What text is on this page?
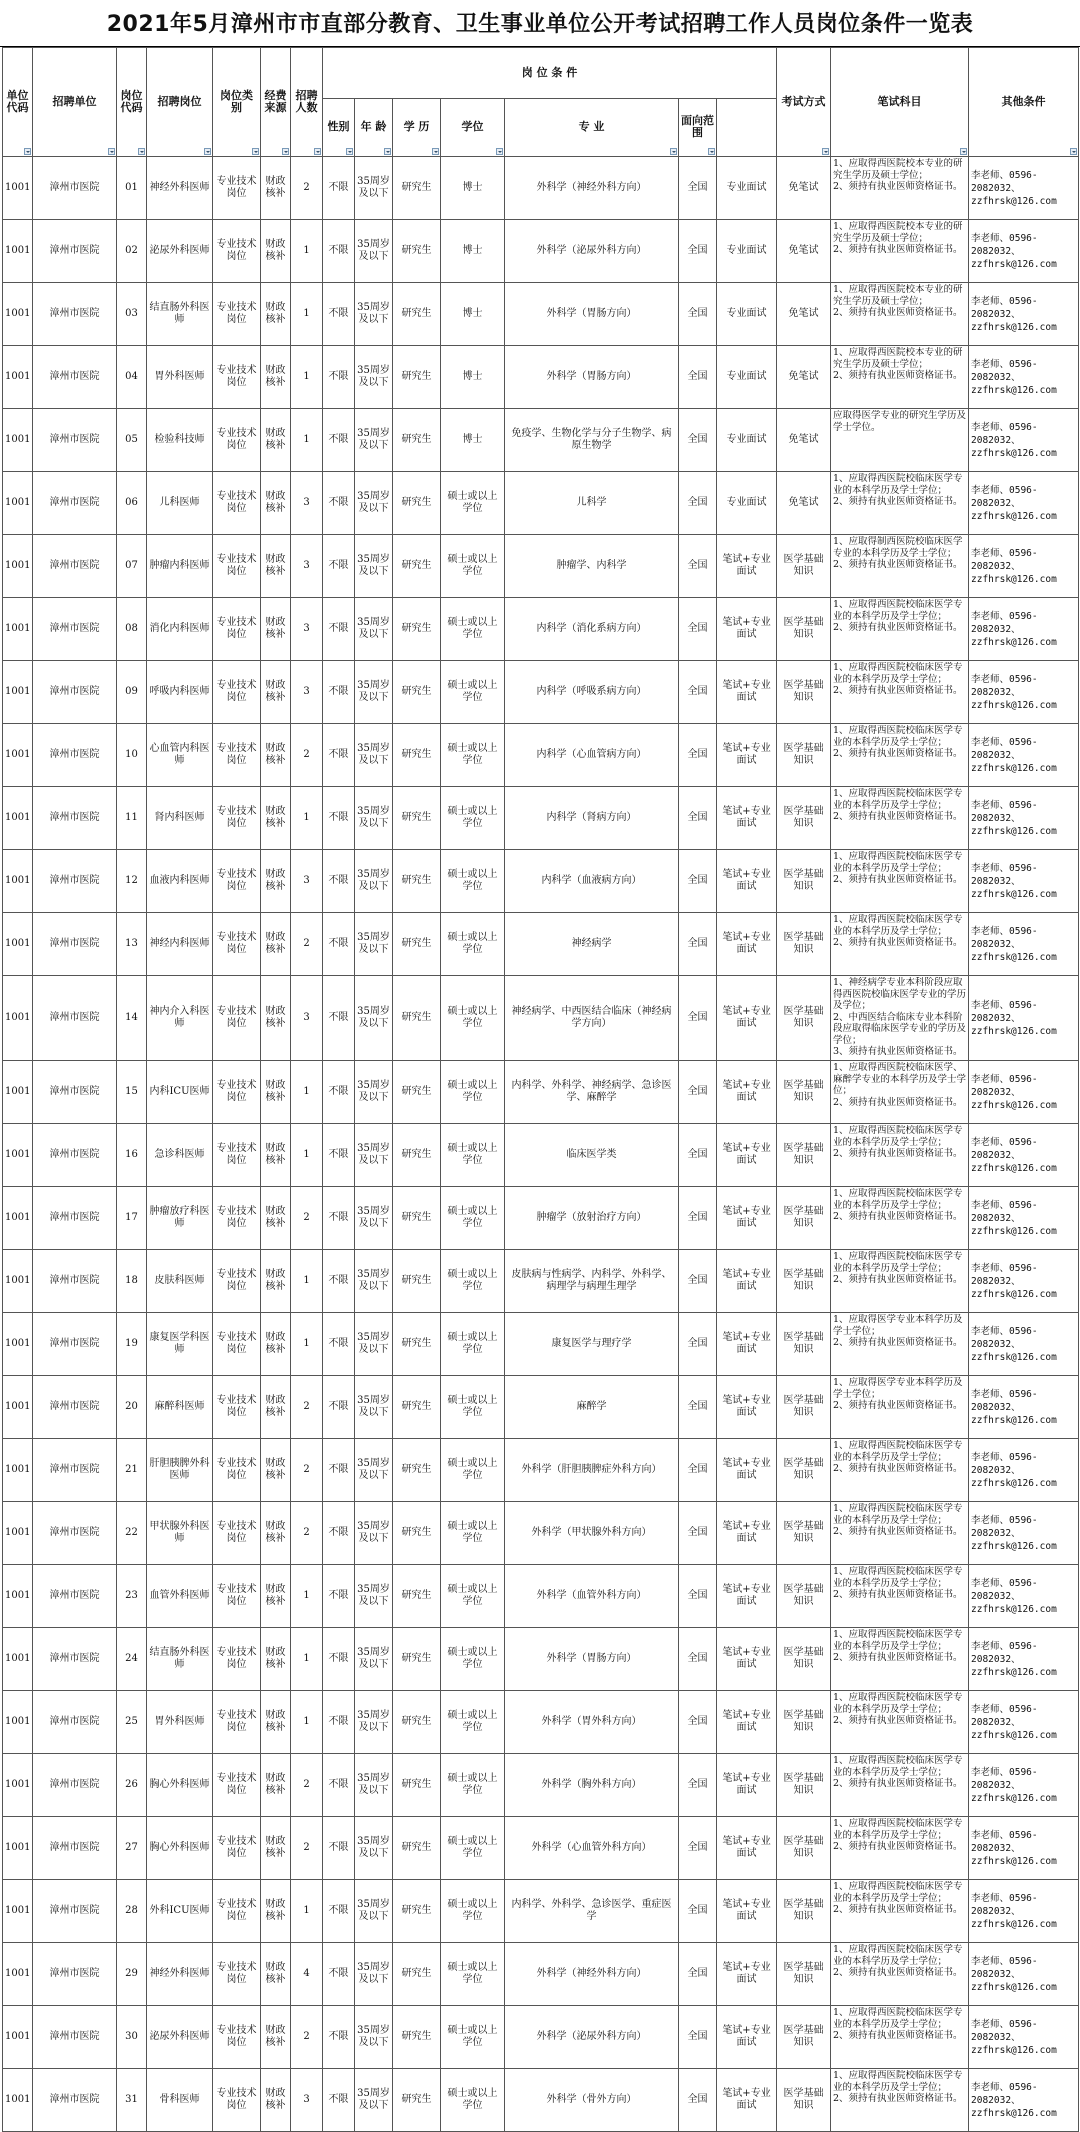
2021年5月漳州市市直部分教育、卫生事业单位公开考试招聘工作人员岗位条件一览表
单位代码	招聘单位	岗位代码	招聘岗位	岗位类别	经费来源	招聘人数	岗 位 条 件							考试方式	笔试科目	其他条件

							性别	年 龄	学 历	学位	专 业	面向范围				

1001	漳州市医院	01	神经外科医师	专业技术岗位	财政核补	2	不限	35周岁及以下	研究生	博士	外科学（神经外科方向）	全国	专业面试	免笔试	1、应取得西医院校本专业的研究生学历及硕士学位；
2、须持有执业医师资格证书。	李老师、0596-2082032、zzfhrsk@126.com	
1001	漳州市医院	02	泌尿外科医师	专业技术岗位	财政核补	1	不限	35周岁及以下	研究生	博士	外科学（泌尿外科方向）	全国	专业面试	免笔试	1、应取得西医院校本专业的研究生学历及硕士学位；
2、须持有执业医师资格证书。	李老师、0596-2082032、zzfhrsk@126.com	
1001	漳州市医院	03	结直肠外科医师	专业技术岗位	财政核补	1	不限	35周岁及以下	研究生	博士	外科学（胃肠方向）	全国	专业面试	免笔试	1、应取得西医院校本专业的研究生学历及硕士学位；
2、须持有执业医师资格证书。	李老师、0596-2082032、zzfhrsk@126.com	
1001	漳州市医院	04	胃外科医师	专业技术岗位	财政核补	1	不限	35周岁及以下	研究生	博士	外科学（胃肠方向）	全国	专业面试	免笔试	1、应取得西医院校本专业的研究生学历及硕士学位；
2、须持有执业医师资格证书。	李老师、0596-2082032、zzfhrsk@126.com	
1001	漳州市医院	05	检验科技师	专业技术岗位	财政核补	1	不限	35周岁及以下	研究生	博士	免疫学、生物化学与分子生物学、病原生物学	全国	专业面试	免笔试	应取得医学专业的研究生学历及学士学位。	李老师、0596-2082032、zzfhrsk@126.com	
1001	漳州市医院	06	儿科医师	专业技术岗位	财政核补	3	不限	35周岁及以下	研究生	硕士或以上学位	儿科学	全国	专业面试	免笔试	1、应取得西医院校临床医学专业的本科学历及学士学位；
2、须持有执业医师资格证书。	李老师、0596-2082032、zzfhrsk@126.com	
1001	漳州市医院	07	肿瘤内科医师	专业技术岗位	财政核补	3	不限	35周岁及以下	研究生	硕士或以上学位	肿瘤学、内科学	全国	笔试+专业面试	医学基础知识	1、应取得制西医院校临床医学专业的本科学历及学士学位；
2、须持有执业医师资格证书。	李老师、0596-2082032、zzfhrsk@126.com	
1001	漳州市医院	08	消化内科医师	专业技术岗位	财政核补	3	不限	35周岁及以下	研究生	硕士或以上学位	内科学（消化系病方向）	全国	笔试+专业面试	医学基础知识	1、应取得西医院校临床医学专业的本科学历及学士学位；
2、须持有执业医师资格证书。	李老师、0596-2082032、zzfhrsk@126.com	
1001	漳州市医院	09	呼吸内科医师	专业技术岗位	财政核补	3	不限	35周岁及以下	研究生	硕士或以上学位	内科学（呼吸系病方向）	全国	笔试+专业面试	医学基础知识	1、应取得西医院校临床医学专业的本科学历及学士学位；
2、须持有执业医师资格证书。	李老师、0596-2082032、zzfhrsk@126.com	
1001	漳州市医院	10	心血管内科医师	专业技术岗位	财政核补	2	不限	35周岁及以下	研究生	硕士或以上学位	内科学（心血管病方向）	全国	笔试+专业面试	医学基础知识	1、应取得西医院校临床医学专业的本科学历及学士学位；
2、须持有执业医师资格证书。	李老师、0596-2082032、zzfhrsk@126.com	
1001	漳州市医院	11	肾内科医师	专业技术岗位	财政核补	1	不限	35周岁及以下	研究生	硕士或以上学位	内科学（肾病方向）	全国	笔试+专业面试	医学基础知识	1、应取得西医院校临床医学专业的本科学历及学士学位；
2、须持有执业医师资格证书。	李老师、0596-2082032、zzfhrsk@126.com	
1001	漳州市医院	12	血液内科医师	专业技术岗位	财政核补	3	不限	35周岁及以下	研究生	硕士或以上学位	内科学（血液病方向）	全国	笔试+专业面试	医学基础知识	1、应取得西医院校临床医学专业的本科学历及学士学位；
2、须持有执业医师资格证书。	李老师、0596-2082032、zzfhrsk@126.com	
1001	漳州市医院	13	神经内科医师	专业技术岗位	财政核补	2	不限	35周岁及以下	研究生	硕士或以上学位	神经病学	全国	笔试+专业面试	医学基础知识	1、应取得西医院校临床医学专业的本科学历及学士学位；
2、须持有执业医师资格证书。	李老师、0596-2082032、zzfhrsk@126.com	
1001	漳州市医院	14	神内介入科医师	专业技术岗位	财政核补	3	不限	35周岁及以下	研究生	硕士或以上学位	神经病学、中西医结合临床（神经病学方向）	全国	笔试+专业面试	医学基础知识	1、神经病学专业本科阶段应取得西医院校临床医学专业的学历及学位；
2、中西医结合临床专业本科阶段应取得临床医学专业的学历及学位；
3、须持有执业医师资格证书。	李老师、0596-2082032、zzfhrsk@126.com	
1001	漳州市医院	15	内科ICU医师	专业技术岗位	财政核补	1	不限	35周岁及以下	研究生	硕士或以上学位	内科学、外科学、神经病学、急诊医学、麻醉学	全国	笔试+专业面试	医学基础知识	1、应取得西医院校临床医学、麻醉学专业的本科学历及学士学位；
2、须持有执业医师资格证书。	李老师、0596-2082032、zzfhrsk@126.com	
1001	漳州市医院	16	急诊科医师	专业技术岗位	财政核补	1	不限	35周岁及以下	研究生	硕士或以上学位	临床医学类	全国	笔试+专业面试	医学基础知识	1、应取得西医院校临床医学专业的本科学历及学士学位；
2、须持有执业医师资格证书。	李老师、0596-2082032、zzfhrsk@126.com	
1001	漳州市医院	17	肿瘤放疗科医师	专业技术岗位	财政核补	2	不限	35周岁及以下	研究生	硕士或以上学位	肿瘤学（放射治疗方向）	全国	笔试+专业面试	医学基础知识	1、应取得西医院校临床医学专业的本科学历及学士学位；
2、须持有执业医师资格证书。	李老师、0596-2082032、zzfhrsk@126.com	
1001	漳州市医院	18	皮肤科医师	专业技术岗位	财政核补	1	不限	35周岁及以下	研究生	硕士或以上学位	皮肤病与性病学、内科学、外科学、病理学与病理生理学	全国	笔试+专业面试	医学基础知识	1、应取得西医院校临床医学专业的本科学历及学士学位；
2、须持有执业医师资格证书。	李老师、0596-2082032、zzfhrsk@126.com	
1001	漳州市医院	19	康复医学科医师	专业技术岗位	财政核补	1	不限	35周岁及以下	研究生	硕士或以上学位	康复医学与理疗学	全国	笔试+专业面试	医学基础知识	1、应取得医学专业本科学历及学士学位；
2、须持有执业医师资格证书。	李老师、0596-2082032、zzfhrsk@126.com	
1001	漳州市医院	20	麻醉科医师	专业技术岗位	财政核补	2	不限	35周岁及以下	研究生	硕士或以上学位	麻醉学	全国	笔试+专业面试	医学基础知识	1、应取得医学专业本科学历及学士学位；
2、须持有执业医师资格证书。	李老师、0596-2082032、zzfhrsk@126.com	
1001	漳州市医院	21	肝胆胰脾外科医师	专业技术岗位	财政核补	2	不限	35周岁及以下	研究生	硕士或以上学位	外科学（肝胆胰脾症外科方向）	全国	笔试+专业面试	医学基础知识	1、应取得西医院校临床医学专业的本科学历及学士学位；
2、须持有执业医师资格证书。	李老师、0596-2082032、zzfhrsk@126.com	
1001	漳州市医院	22	甲状腺外科医师	专业技术岗位	财政核补	2	不限	35周岁及以下	研究生	硕士或以上学位	外科学（甲状腺外科方向）	全国	笔试+专业面试	医学基础知识	1、应取得西医院校临床医学专业的本科学历及学士学位；
2、须持有执业医师资格证书。	李老师、0596-2082032、zzfhrsk@126.com	
1001	漳州市医院	23	血管外科医师	专业技术岗位	财政核补	1	不限	35周岁及以下	研究生	硕士或以上学位	外科学（血管外科方向）	全国	笔试+专业面试	医学基础知识	1、应取得西医院校临床医学专业的本科学历及学士学位；
2、须持有执业医师资格证书。	李老师、0596-2082032、zzfhrsk@126.com	
1001	漳州市医院	24	结直肠外科医师	专业技术岗位	财政核补	1	不限	35周岁及以下	研究生	硕士或以上学位	外科学（胃肠方向）	全国	笔试+专业面试	医学基础知识	1、应取得西医院校临床医学专业的本科学历及学士学位；
2、须持有执业医师资格证书。	李老师、0596-2082032、zzfhrsk@126.com	
1001	漳州市医院	25	胃外科医师	专业技术岗位	财政核补	1	不限	35周岁及以下	研究生	硕士或以上学位	外科学（胃外科方向）	全国	笔试+专业面试	医学基础知识	1、应取得西医院校临床医学专业的本科学历及学士学位；
2、须持有执业医师资格证书。	李老师、0596-2082032、zzfhrsk@126.com	
1001	漳州市医院	26	胸心外科医师	专业技术岗位	财政核补	2	不限	35周岁及以下	研究生	硕士或以上学位	外科学（胸外科方向）	全国	笔试+专业面试	医学基础知识	1、应取得西医院校临床医学专业的本科学历及学士学位；
2、须持有执业医师资格证书。	李老师、0596-2082032、zzfhrsk@126.com	
1001	漳州市医院	27	胸心外科医师	专业技术岗位	财政核补	2	不限	35周岁及以下	研究生	硕士或以上学位	外科学（心血管外科方向）	全国	笔试+专业面试	医学基础知识	1、应取得西医院校临床医学专业的本科学历及学士学位；
2、须持有执业医师资格证书。	李老师、0596-2082032、zzfhrsk@126.com	
1001	漳州市医院	28	外科ICU医师	专业技术岗位	财政核补	1	不限	35周岁及以下	研究生	硕士或以上学位	内科学、外科学、急诊医学、重症医学	全国	笔试+专业面试	医学基础知识	1、应取得西医院校临床医学专业的本科学历及学士学位；
2、须持有执业医师资格证书。	李老师、0596-2082032、zzfhrsk@126.com	
1001	漳州市医院	29	神经外科医师	专业技术岗位	财政核补	4	不限	35周岁及以下	研究生	硕士或以上学位	外科学（神经外科方向）	全国	笔试+专业面试	医学基础知识	1、应取得西医院校临床医学专业的本科学历及学士学位；
2、须持有执业医师资格证书。	李老师、0596-2082032、zzfhrsk@126.com	
1001	漳州市医院	30	泌尿外科医师	专业技术岗位	财政核补	2	不限	35周岁及以下	研究生	硕士或以上学位	外科学（泌尿外科方向）	全国	笔试+专业面试	医学基础知识	1、应取得西医院校临床医学专业的本科学历及学士学位；
2、须持有执业医师资格证书。	李老师、0596-2082032、zzfhrsk@126.com	
1001	漳州市医院	31	骨科医师	专业技术岗位	财政核补	3	不限	35周岁及以下	研究生	硕士或以上学位	外科学（骨外方向）	全国	笔试+专业面试	医学基础知识	1、应取得西医院校临床医学专业的本科学历及学士学位；
2、须持有执业医师资格证书。	李老师、0596-2082032、zzfhrsk@126.com	
